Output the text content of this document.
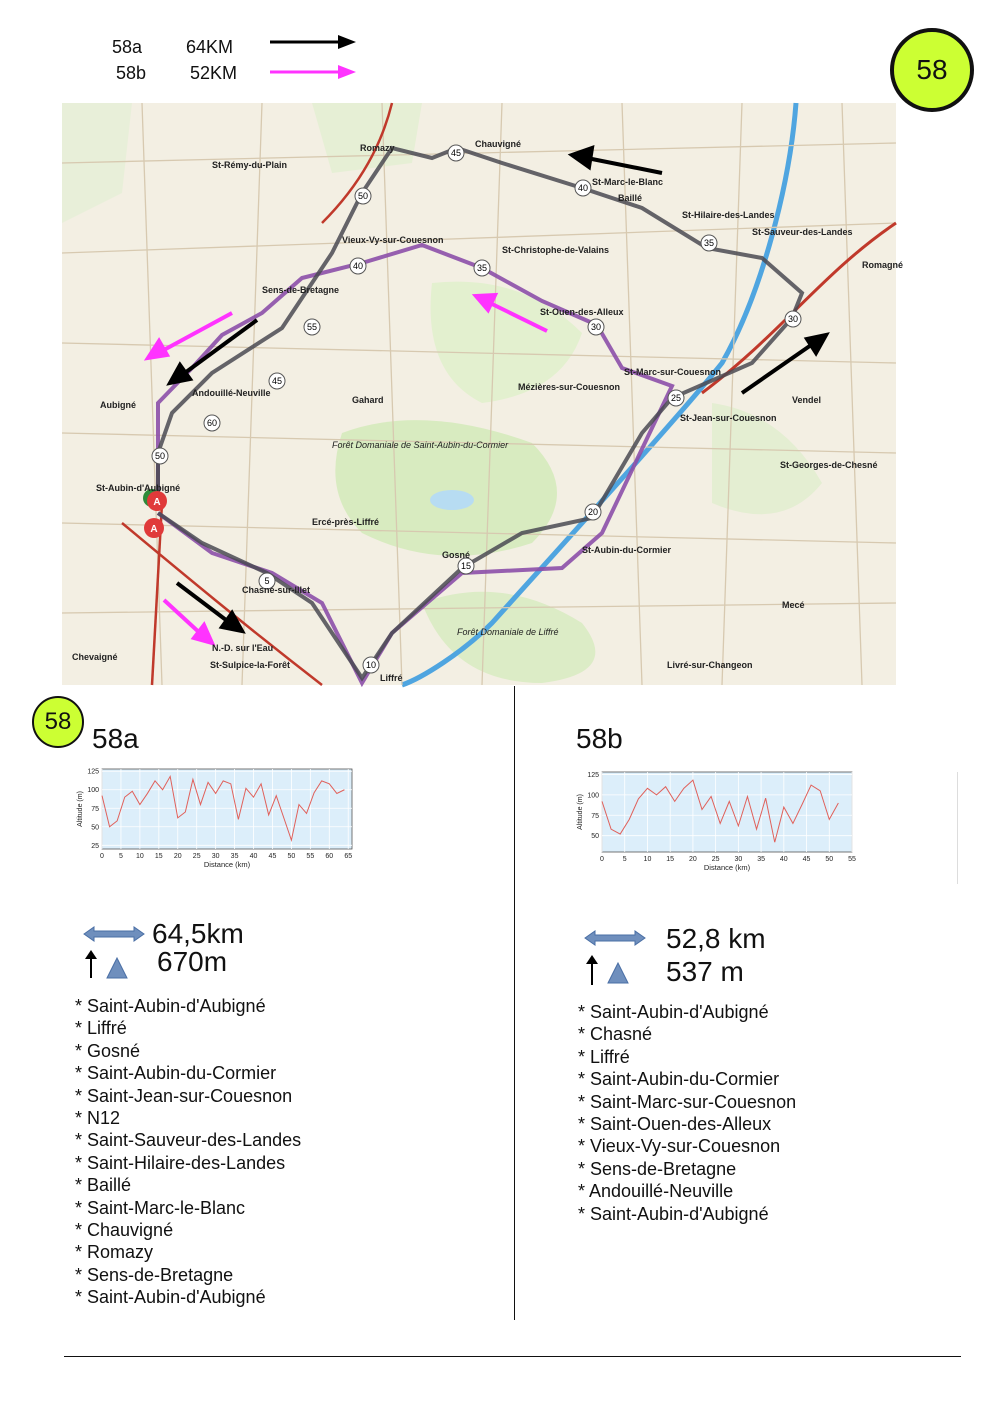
58a 64KM
58b 52KM	58
5
10
15
20
25
30
35
40
45
50
55
60
45
40	35
30
50
A
A
Romazy	Chauvigné
St-Marc-le-Blanc
Baillé
St-Hilaire-des-Landes
St-Sauveur-des-Landes
Romagné
Sens-de-Bretagne
St-Christophe-de-Valains
Vieux-Vy-sur-Couesnon
St-Ouen-des-Alleux
Mézières-sur-Couesnon
St-Marc-sur-Couesnon
St-Jean-sur-Couesnon
Vendel
St-Georges-de-Chesné
Andouillé-Neuville
Aubigné
St-Aubin-d'Aubigné
Gahard
Ercé-près-Liffré
Gosné	St-Aubin-du-Cormier
Chasné-sur-Illet
Mecé
Liffré
Livré-sur-Changeon
N.-D. sur l'Eau
St-Sulpice-la-Forêt
Chevaigné
Forêt Domaniale de Saint-Aubin-du-Cormier
Forêt Domaniale de Liffré
St-Rémy-du-Plain
58
58a
0 5 10 15 20 25 30 35 40 45 50 55 60 65
25
50
75
100
125
Distance (km)
Altitude (m)
64,5km
670m
* Saint-Aubin-d'Aubigné
* Liffré
* Gosné
* Saint-Aubin-du-Cormier
* Saint-Jean-sur-Couesnon
* N12
* Saint-Sauveur-des-Landes
* Saint-Hilaire-des-Landes
* Baillé
* Saint-Marc-le-Blanc
* Chauvigné
* Romazy
* Sens-de-Bretagne
* Saint-Aubin-d'Aubigné
58b
0	5 10 15 20 25 30 35 40 45 50 55
50
75
100
125
Distance (km)
Altitude (m)
52,8 km
537 m
* Saint-Aubin-d'Aubigné
* Chasné
* Liffré
* Saint-Aubin-du-Cormier
* Saint-Marc-sur-Couesnon
* Saint-Ouen-des-Alleux
* Vieux-Vy-sur-Couesnon
* Sens-de-Bretagne
* Andouillé-Neuville
* Saint-Aubin-d'Aubigné
